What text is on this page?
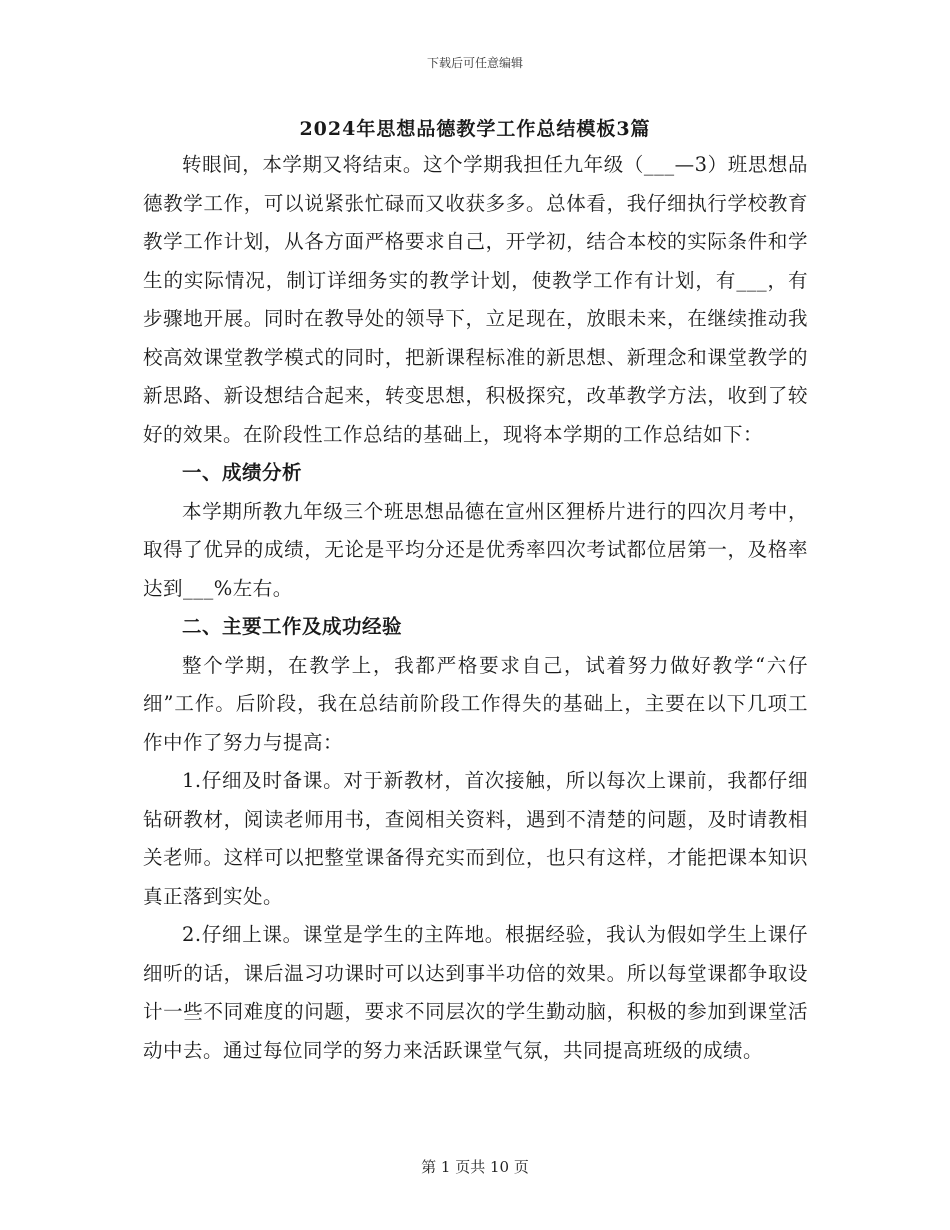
下载后可任意编辑
2024年思想品德教学工作总结模板3篇

转眼间，本学期又将结束。这个学期我担任九年级（___—3）班思想品德教学工作，可以说紧张忙碌而又收获多多。总体看，我仔细执行学校教育教学工作计划，从各方面严格要求自己，开学初，结合本校的实际条件和学生的实际情况，制订详细务实的教学计划，使教学工作有计划，有___，有步骤地开展。同时在教导处的领导下，立足现在，放眼未来，在继续推动我校高效课堂教学模式的同时，把新课程标准的新思想、新理念和课堂教学的新思路、新设想结合起来，转变思想，积极探究，改革教学方法，收到了较好的效果。在阶段性工作总结的基础上，现将本学期的工作总结如下：

一、成绩分析

本学期所教九年级三个班思想品德在宣州区狸桥片进行的四次月考中，取得了优异的成绩，无论是平均分还是优秀率四次考试都位居第一，及格率达到___%左右。

二、主要工作及成功经验

整个学期，在教学上，我都严格要求自己，试着努力做好教学“六仔细”工作。后阶段，我在总结前阶段工作得失的基础上，主要在以下几项工作中作了努力与提高：

1.仔细及时备课。对于新教材，首次接触，所以每次上课前，我都仔细钻研教材，阅读老师用书，查阅相关资料，遇到不清楚的问题，及时请教相关老师。这样可以把整堂课备得充实而到位，也只有这样，才能把课本知识真正落到实处。

2.仔细上课。课堂是学生的主阵地。根据经验，我认为假如学生上课仔细听的话，课后温习功课时可以达到事半功倍的效果。所以每堂课都争取设计一些不同难度的问题，要求不同层次的学生勤动脑，积极的参加到课堂活动中去。通过每位同学的努力来活跃课堂气氛，共同提高班级的成绩。

第 1 页共 10 页
